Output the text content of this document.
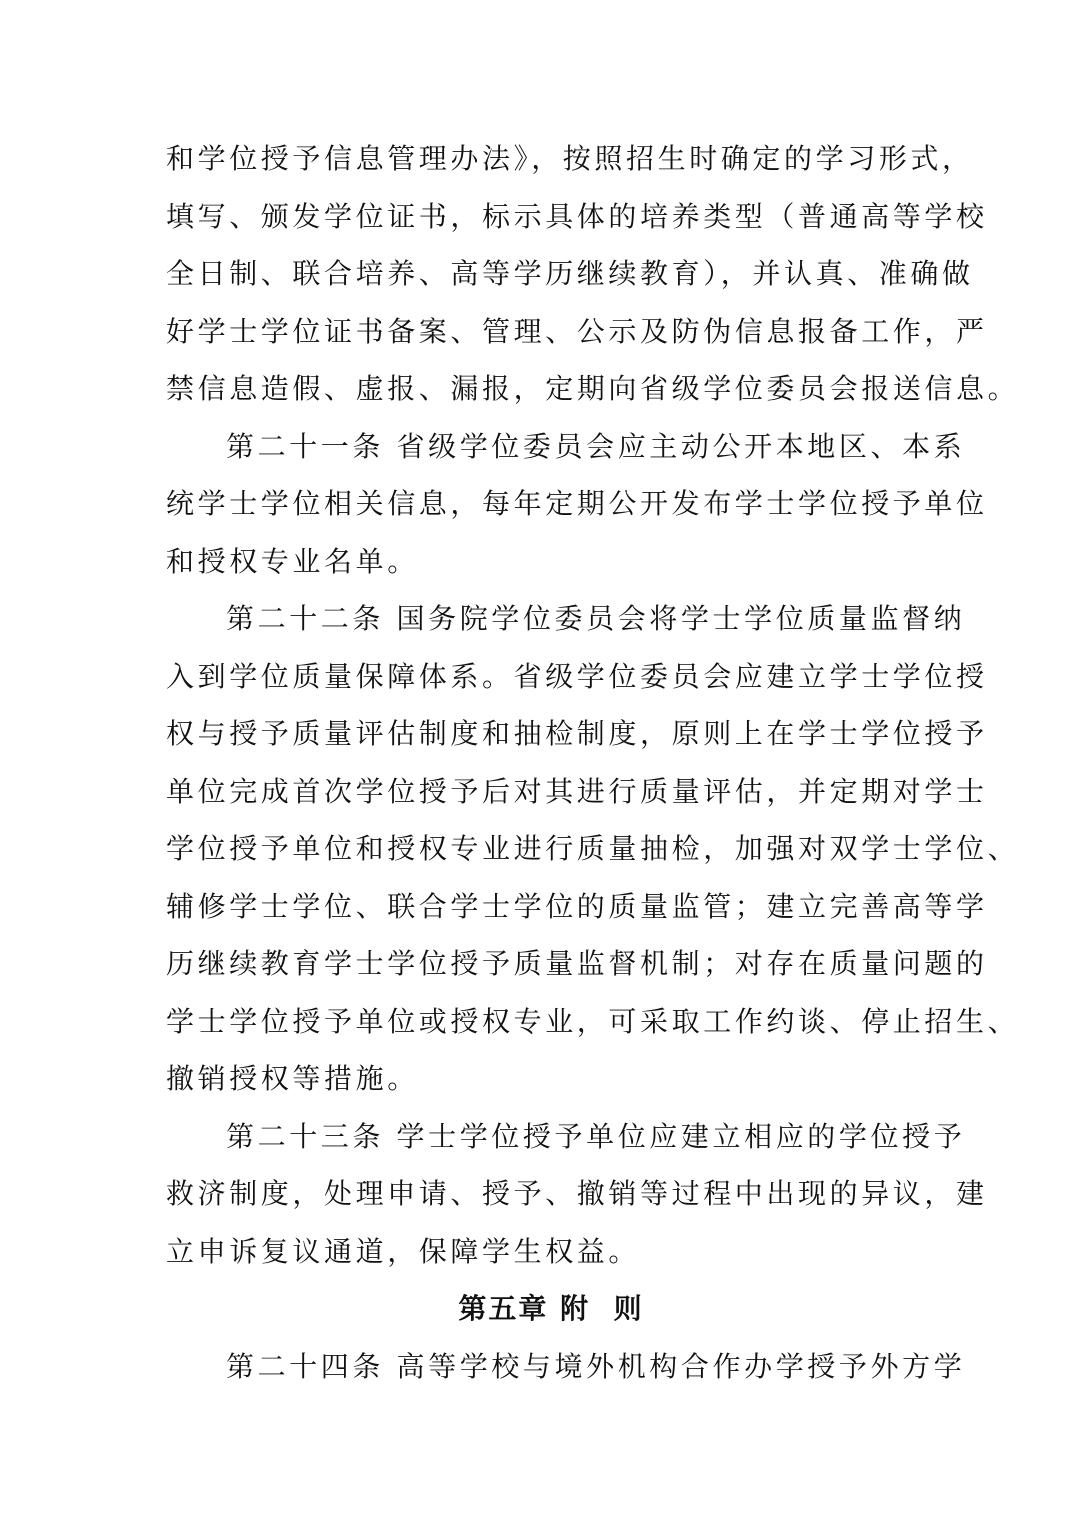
和学位授予信息管理办法》，按照招生时确定的学习形式，
填写、颁发学位证书，标示具体的培养类型（普通高等学校
全日制、联合培养、高等学历继续教育），并认真、准确做
好学士学位证书备案、管理、公示及防伪信息报备工作，严
禁信息造假、虚报、漏报，定期向省级学位委员会报送信息。
第二十一条 省级学位委员会应主动公开本地区、本系
统学士学位相关信息，每年定期公开发布学士学位授予单位
和授权专业名单。
第二十二条 国务院学位委员会将学士学位质量监督纳
入到学位质量保障体系。省级学位委员会应建立学士学位授
权与授予质量评估制度和抽检制度，原则上在学士学位授予
单位完成首次学位授予后对其进行质量评估，并定期对学士
学位授予单位和授权专业进行质量抽检，加强对双学士学位、
辅修学士学位、联合学士学位的质量监管；建立完善高等学
历继续教育学士学位授予质量监督机制；对存在质量问题的
学士学位授予单位或授权专业，可采取工作约谈、停止招生、
撤销授权等措施。
第二十三条 学士学位授予单位应建立相应的学位授予
救济制度，处理申请、授予、撤销等过程中出现的异议，建
立申诉复议通道，保障学生权益。
第五章 附  则
第二十四条 高等学校与境外机构合作办学授予外方学
